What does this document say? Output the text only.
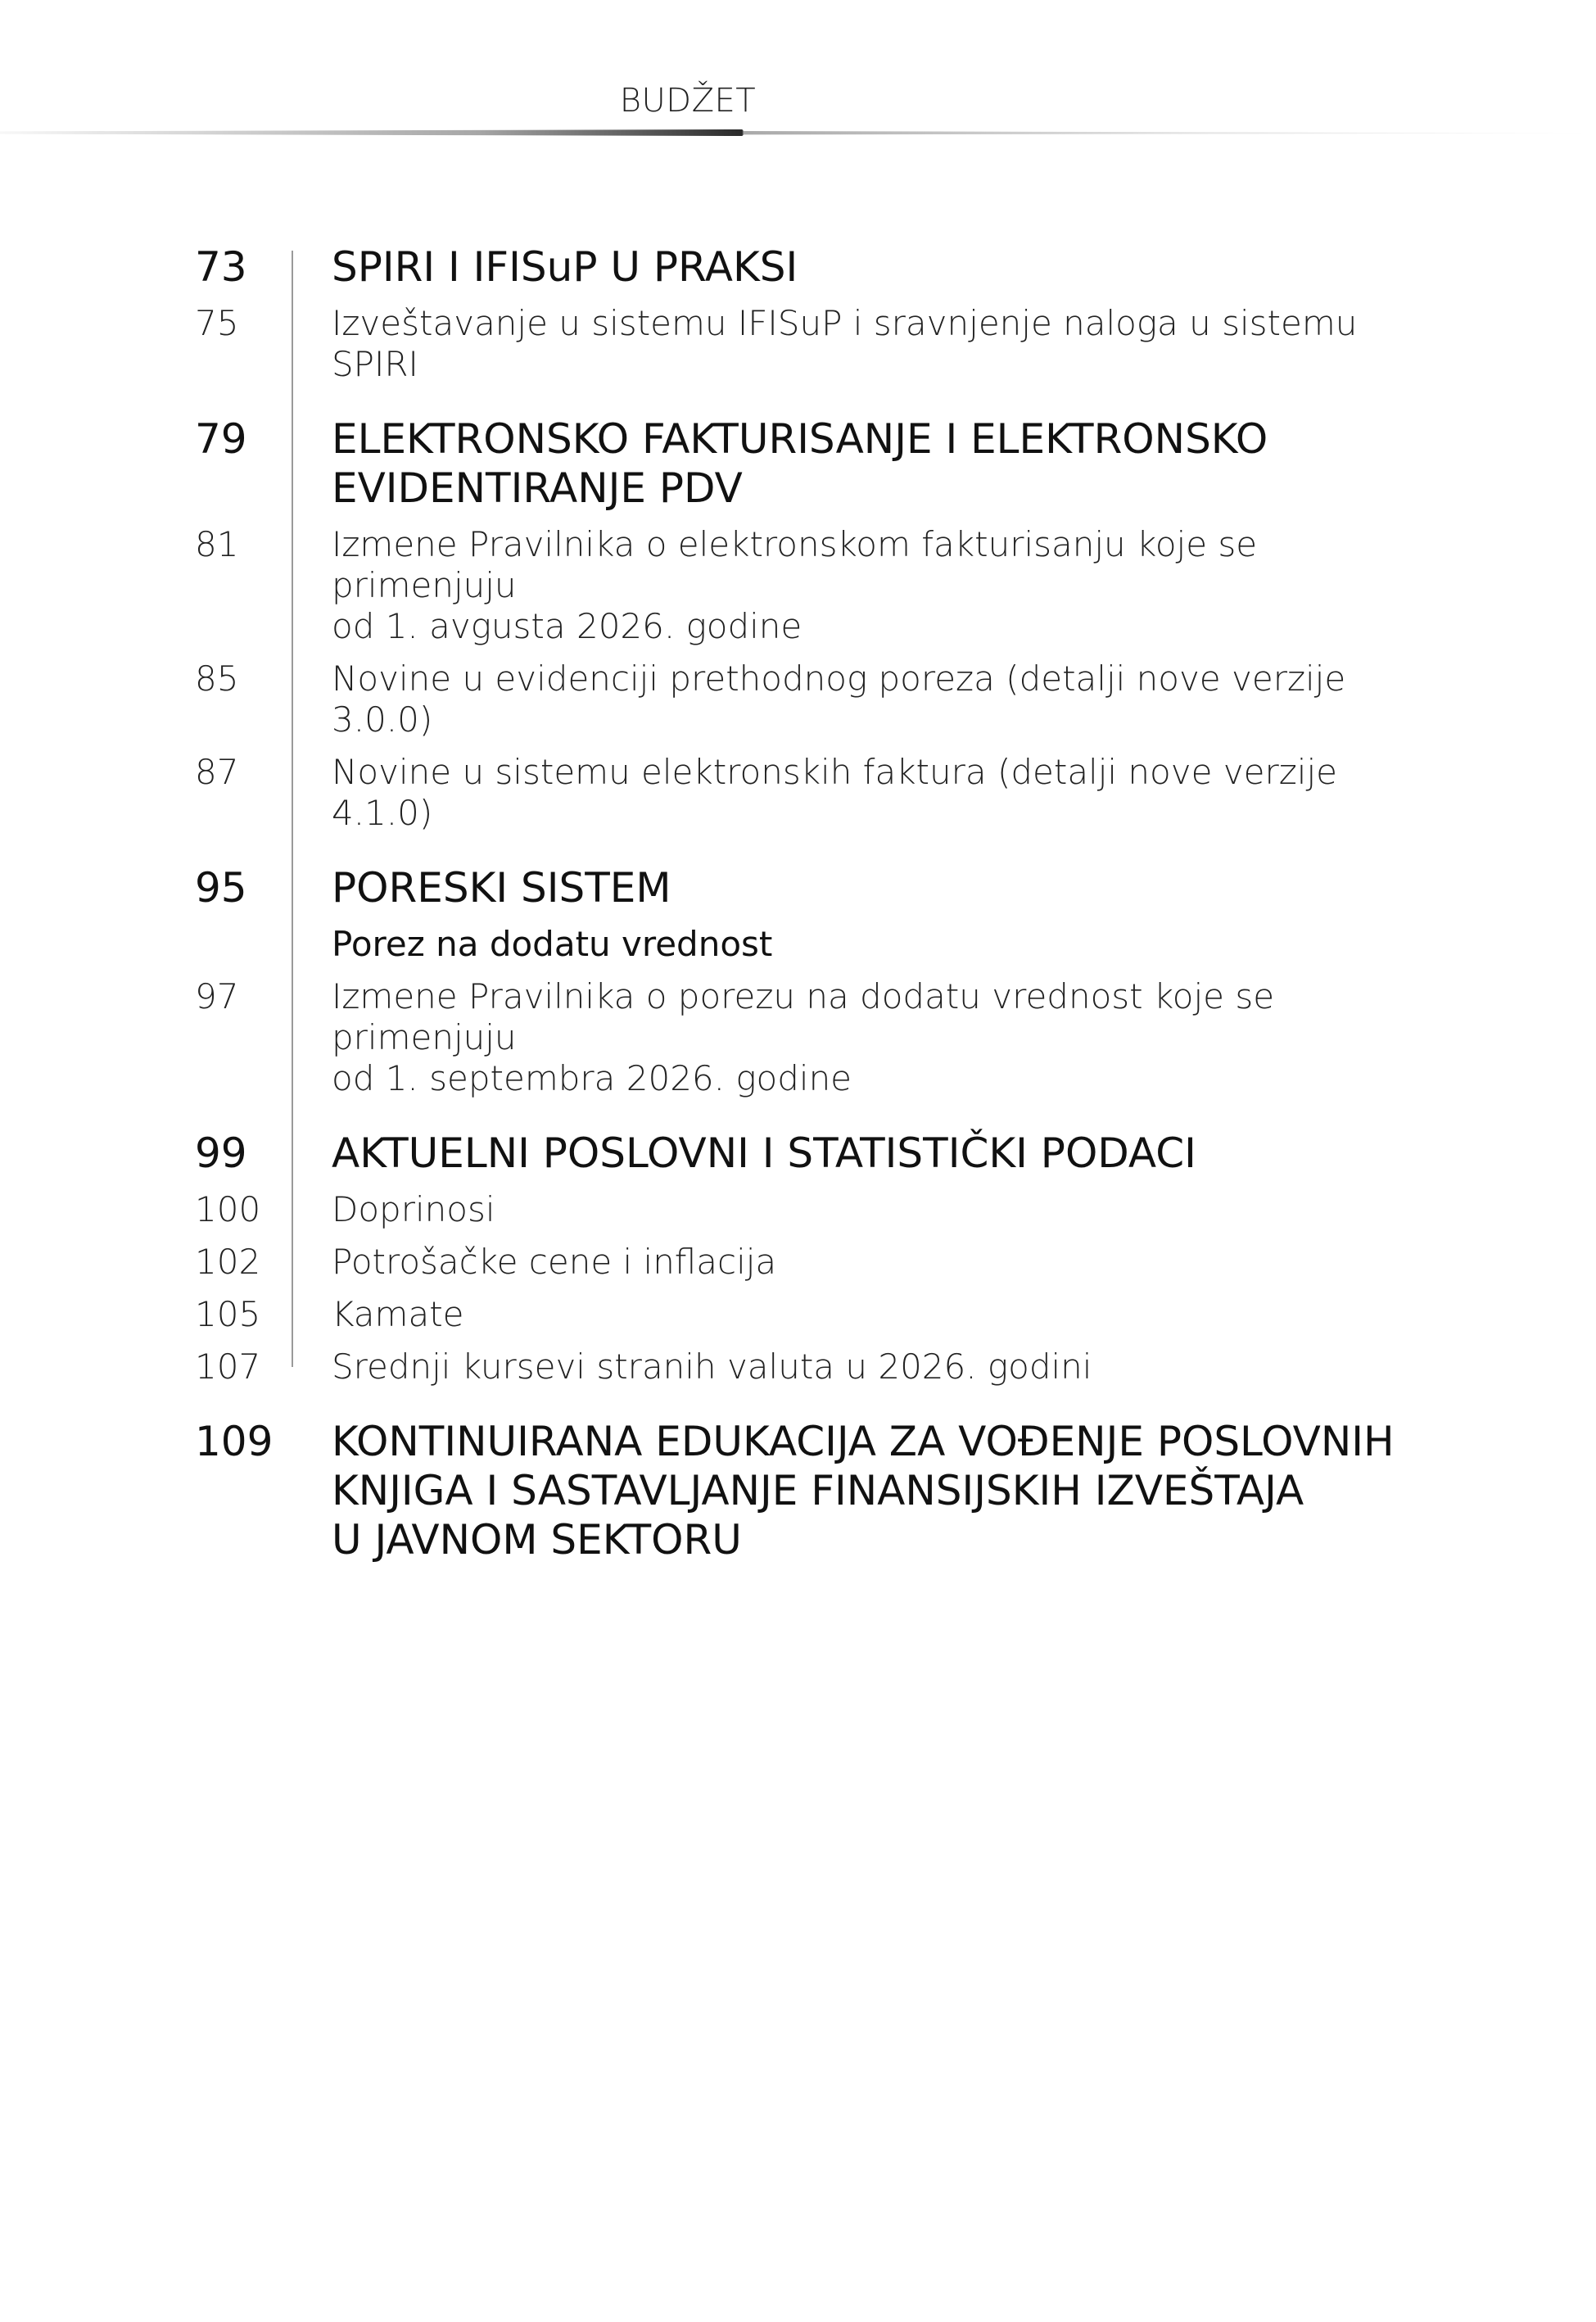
BUDŽET
73 SPIRI I IFISuP U PRAKSI
75	Izveštavanje u sistemu IFISuP i sravnjenje naloga u sistemu SPIRI
79 ELEKTRONSKO FAKTURISANJE I ELEKTRONSKO
EVIDENTIRANJE PDV
81	Izmene Pravilnika o elektronskom fakturisanju koje se primenjuju
od 1. avgusta 2026. godine
85	Novine u evidenciji prethodnog poreza (detalji nove verzije 3.0.0)
87	Novine u sistemu elektronskih faktura (detalji nove verzije 4.1.0)
95 PORESKI SISTEM
Porez na dodatu vrednost
97	Izmene Pravilnika o porezu na dodatu vrednost koje se primenjuju
od 1. septembra 2026. godine
99 AKTUELNI POSLOVNI I STATISTIČKI PODACI
100 Doprinosi
102 Potrošačke cene i inflacija
105 Kamate
107 Srednji kursevi stranih valuta u 2026. godini
109 KONTINUIRANA EDUKACIJA ZA VOĐENJE POSLOVNIH
KNJIGA I SASTAVLJANJE FINANSIJSKIH IZVEŠTAJA
U JAVNOM SEKTORU
